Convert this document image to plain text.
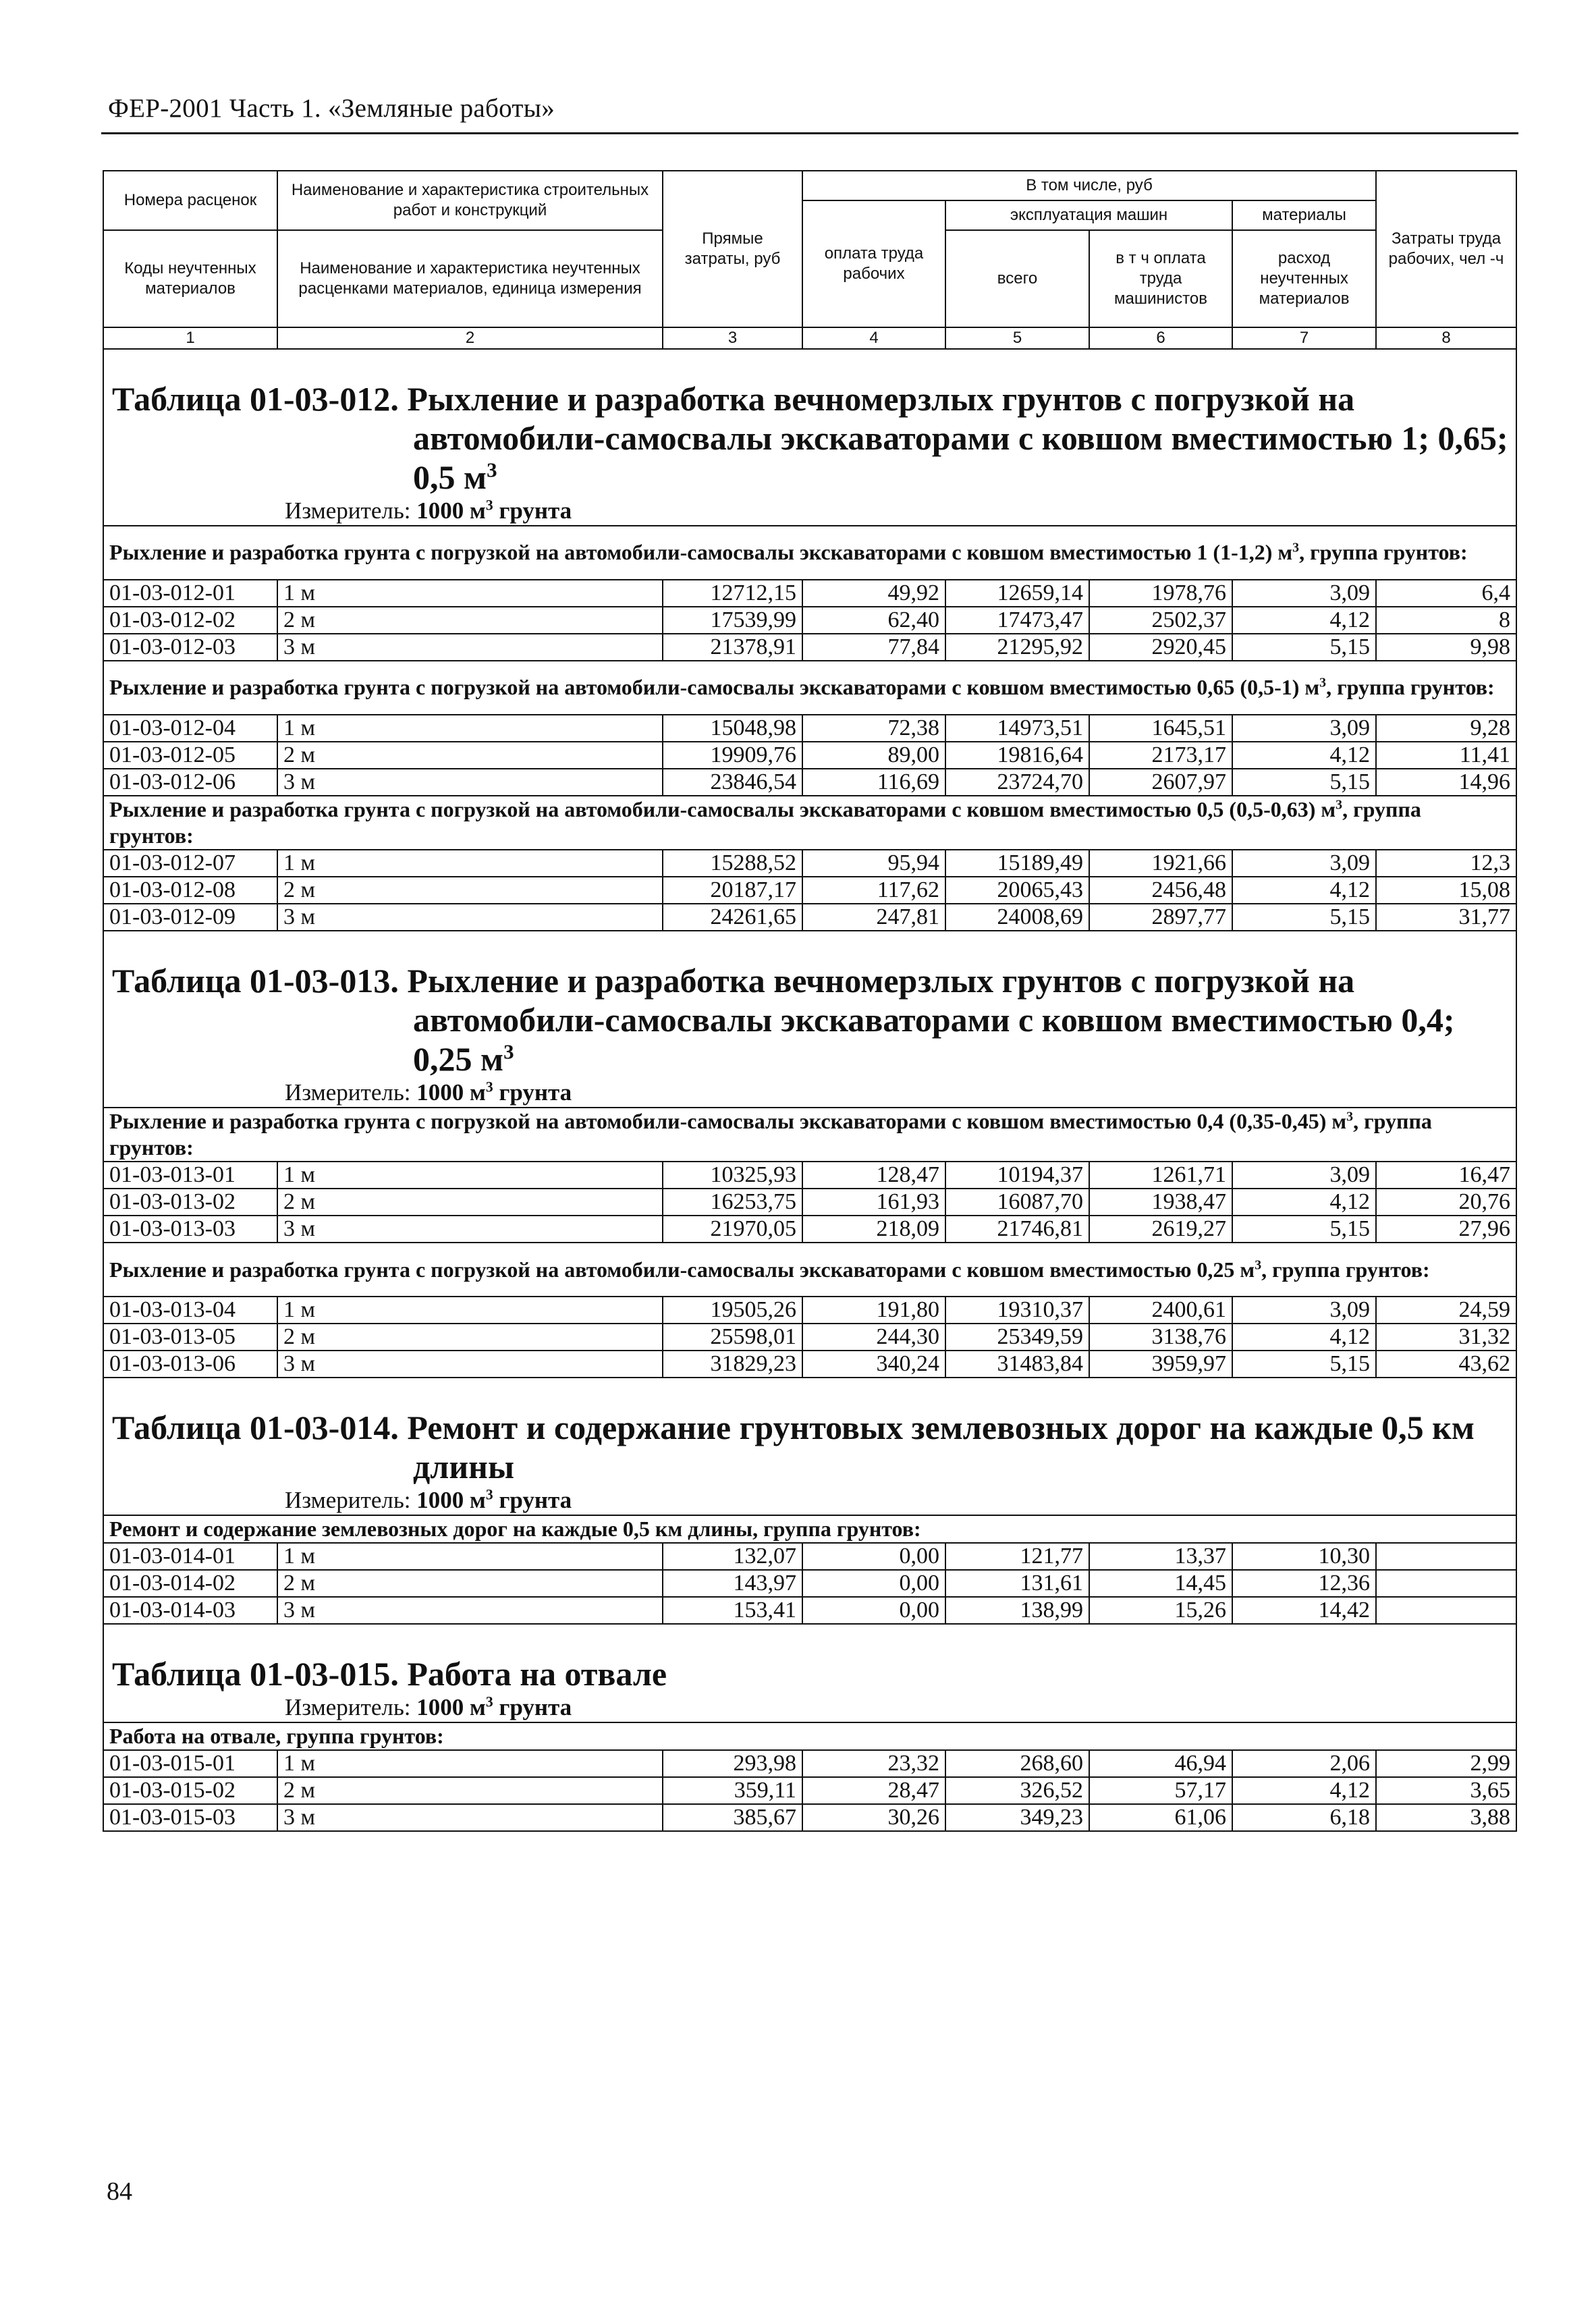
ФЕР-2001 Часть 1. «Земляные работы»
Номера расценок	Наименование и характеристика строительных работ и конструкций	Прямые затраты, руб	В том числе, руб				Затраты труда рабочих, чел -ч
			оплата труда рабочих	эксплуатация машин		материалы	
Коды неучтенных материалов	Наименование и характеристика неучтенных расценками материалов, единица измерения			всего	в т ч оплата труда машинистов	расход неучтенных материалов	
1	2	3	4	5	6	7	8

Таблица 01-03-012. Рыхление и разработка вечномерзлых грунтов с погрузкой на автомобили-самосвалы экскаваторами с ковшом вместимостью 1; 0,65; 0,5 $м^3$

Измеритель: 1000 $м^3$ грунта							
Рыхление и разработка грунта с погрузкой на автомобили-самосвалы экскаваторами с ковшом вместимостью 1 (1-1,2) $м^3$, группа грунтов:							
01-03-012-01	1 м	12712,15	49,92	12659,14	1978,76	3,09	6,4
01-03-012-02	2 м	17539,99	62,40	17473,47	2502,37	4,12	8
01-03-012-03	3 м	21378,91	77,84	21295,92	2920,45	5,15	9,98
Рыхление и разработка грунта с погрузкой на автомобили-самосвалы экскаваторами с ковшом вместимостью 0,65 (0,5-1) $м^3$, группа грунтов:							
01-03-012-04	1 м	15048,98	72,38	14973,51	1645,51	3,09	9,28
01-03-012-05	2 м	19909,76	89,00	19816,64	2173,17	4,12	11,41
01-03-012-06	3 м	23846,54	116,69	23724,70	2607,97	5,15	14,96
Рыхление и разработка грунта с погрузкой на автомобили-самосвалы экскаваторами с ковшом вместимостью 0,5 (0,5-0,63) $м^3$, группа грунтов:							
01-03-012-07	1 м	15288,52	95,94	15189,49	1921,66	3,09	12,3
01-03-012-08	2 м	20187,17	117,62	20065,43	2456,48	4,12	15,08
01-03-012-09	3 м	24261,65	247,81	24008,69	2897,77	5,15	31,77

Таблица 01-03-013. Рыхление и разработка вечномерзлых грунтов с погрузкой на автомобили-самосвалы экскаваторами с ковшом вместимостью 0,4; 0,25 $м^3$

Измеритель: 1000 $м^3$ грунта							
Рыхление и разработка грунта с погрузкой на автомобили-самосвалы экскаваторами с ковшом вместимостью 0,4 (0,35-0,45) $м^3$, группа грунтов:							
01-03-013-01	1 м	10325,93	128,47	10194,37	1261,71	3,09	16,47
01-03-013-02	2 м	16253,75	161,93	16087,70	1938,47	4,12	20,76
01-03-013-03	3 м	21970,05	218,09	21746,81	2619,27	5,15	27,96
Рыхление и разработка грунта с погрузкой на автомобили-самосвалы экскаваторами с ковшом вместимостью 0,25 $м^3$, группа грунтов:							
01-03-013-04	1 м	19505,26	191,80	19310,37	2400,61	3,09	24,59
01-03-013-05	2 м	25598,01	244,30	25349,59	3138,76	4,12	31,32
01-03-013-06	3 м	31829,23	340,24	31483,84	3959,97	5,15	43,62

Таблица 01-03-014. Ремонт и содержание грунтовых землевозных дорог на каждые 0,5 км длины							

Измеритель: 1000 $м^3$ грунта							
Ремонт и содержание землевозных дорог на каждые 0,5 км длины, группа грунтов:							
01-03-014-01	1 м	132,07	0,00	121,77	13,37	10,30	
01-03-014-02	2 м	143,97	0,00	131,61	14,45	12,36	
01-03-014-03	3 м	153,41	0,00	138,99	15,26	14,42	

Таблица 01-03-015. Работа на отвале							

Измеритель: 1000 $м^3$ грунта							
Работа на отвале, группа грунтов:							
01-03-015-01	1 м	293,98	23,32	268,60	46,94	2,06	2,99
01-03-015-02	2 м	359,11	28,47	326,52	57,17	4,12	3,65
01-03-015-03	3 м	385,67	30,26	349,23	61,06	6,18	3,88
84
